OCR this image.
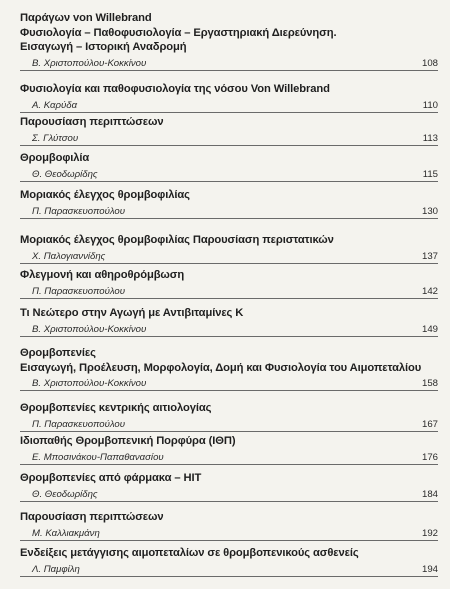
Παράγων von Willebrand
Φυσιολογία – Παθοφυσιολογία – Εργαστηριακή Διερεύνηση.
Εισαγωγή – Ιστορική Αναδρομή
Β. Χριστοπούλου-Κοκκίνου	108
Φυσιολογία και παθοφυσιολογία της νόσου Von Willebrand
Α. Καρύδα	110
Παρουσίαση περιπτώσεων
Σ. Γλύτσου	113
Θρομβοφιλία
Θ. Θεοδωρίδης	115
Μοριακός έλεγχος θρομβοφιλίας
Π. Παρασκευοπούλου	130
Μοριακός έλεγχος θρομβοφιλίας Παρουσίαση περιστατικών
Χ. Παλογιαννίδης	137
Φλεγμονή και αθηροθρόμβωση
Π. Παρασκευοπούλου	142
Τι Νεώτερο στην Αγωγή με Αντιβιταμίνες Κ
Β. Χριστοπούλου-Κοκκίνου	149
Θρομβοπενίες
Εισαγωγή, Προέλευση, Μορφολογία, Δομή και Φυσιολογία του Αιμοπεταλίου
Β. Χριστοπούλου-Κοκκίνου	158
Θρομβοπενίες κεντρικής αιτιολογίας
Π. Παρασκευοπούλου	167
Ιδιοπαθής Θρομβοπενική Πορφύρα (ΙΘΠ)
Ε. Μποσινάκου-Παπαθανασίου	176
Θρομβοπενίες από φάρμακα – HIT
Θ. Θεοδωρίδης	184
Παρουσίαση περιπτώσεων
Μ. Καλλιακμάνη	192
Ενδείξεις μετάγγισης αιμοπεταλίων σε θρομβοπενικούς ασθενείς
Λ. Παμφίλη	194
